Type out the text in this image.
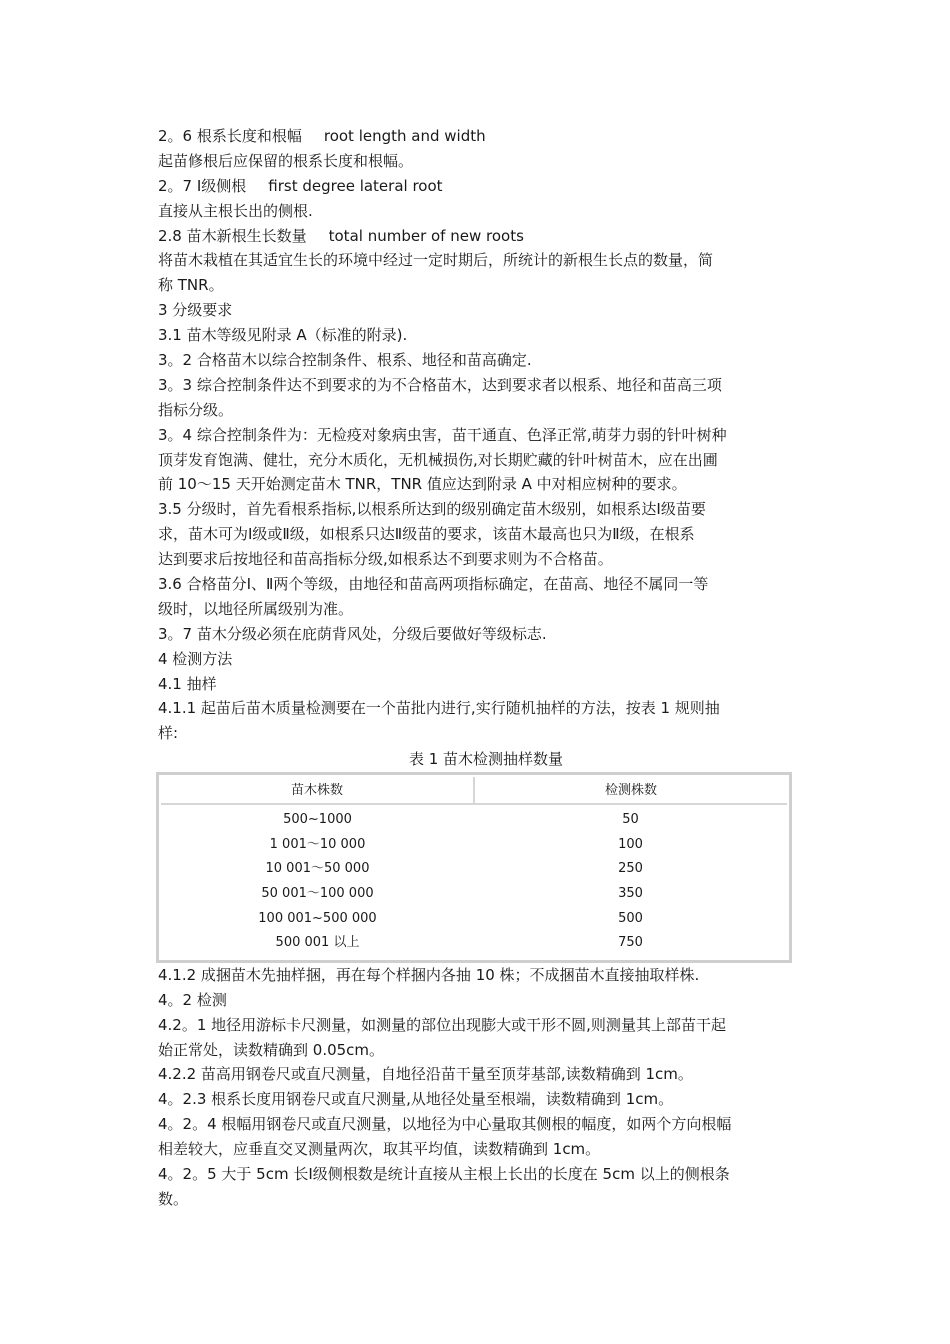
2。6 根系长度和根幅 root length and width
起苗修根后应保留的根系长度和根幅。
2。7 Ⅰ级侧根 first degree lateral root
直接从主根长出的侧根.
2.8 苗木新根生长数量 total number of new roots
将苗木栽植在其适宜生长的环境中经过一定时期后，所统计的新根生长点的数量，简
称 TNR。
3 分级要求
3.1 苗木等级见附录 A（标准的附录).
3。2 合格苗木以综合控制条件、根系、地径和苗高确定.
3。3 综合控制条件达不到要求的为不合格苗木，达到要求者以根系、地径和苗高三项
指标分级。
3。4 综合控制条件为：无检疫对象病虫害，苗干通直、色泽正常,萌芽力弱的针叶树种
顶芽发育饱满、健壮，充分木质化，无机械损伤,对长期贮藏的针叶树苗木，应在出圃
前 10～15 天开始测定苗木 TNR，TNR 值应达到附录 A 中对相应树种的要求。
3.5 分级时，首先看根系指标,以根系所达到的级别确定苗木级别，如根系达Ⅰ级苗要
求，苗木可为Ⅰ级或Ⅱ级，如根系只达Ⅱ级苗的要求，该苗木最高也只为Ⅱ级，在根系
达到要求后按地径和苗高指标分级,如根系达不到要求则为不合格苗。
3.6 合格苗分Ⅰ、Ⅱ两个等级，由地径和苗高两项指标确定，在苗高、地径不属同一等
级时，以地径所属级别为准。
3。7 苗木分级必须在庇荫背风处，分级后要做好等级标志.
4 检测方法
4.1 抽样
4.1.1 起苗后苗木质量检测要在一个苗批内进行,实行随机抽样的方法，按表 1 规则抽
样:
表 1 苗木检测抽样数量
苗木株数	检测株数
500~1000	50
1 001～10 000	100
10 001～50 000	250
50 001～100 000	350
100 001~500 000	500
500 001 以上	750
4.1.2 成捆苗木先抽样捆，再在每个样捆内各抽 10 株；不成捆苗木直接抽取样株.
4。2 检测
4.2。1 地径用游标卡尺测量，如测量的部位出现膨大或干形不圆,则测量其上部苗干起
始正常处，读数精确到 0.05cm。
4.2.2 苗高用钢卷尺或直尺测量，自地径沿苗干量至顶芽基部,读数精确到 1cm。
4。2.3 根系长度用钢卷尺或直尺测量,从地径处量至根端，读数精确到 1cm。
4。2。4 根幅用钢卷尺或直尺测量，以地径为中心量取其侧根的幅度，如两个方向根幅
相差较大，应垂直交叉测量两次，取其平均值，读数精确到 1cm。
4。2。5 大于 5cm 长Ⅰ级侧根数是统计直接从主根上长出的长度在 5cm 以上的侧根条
数。
